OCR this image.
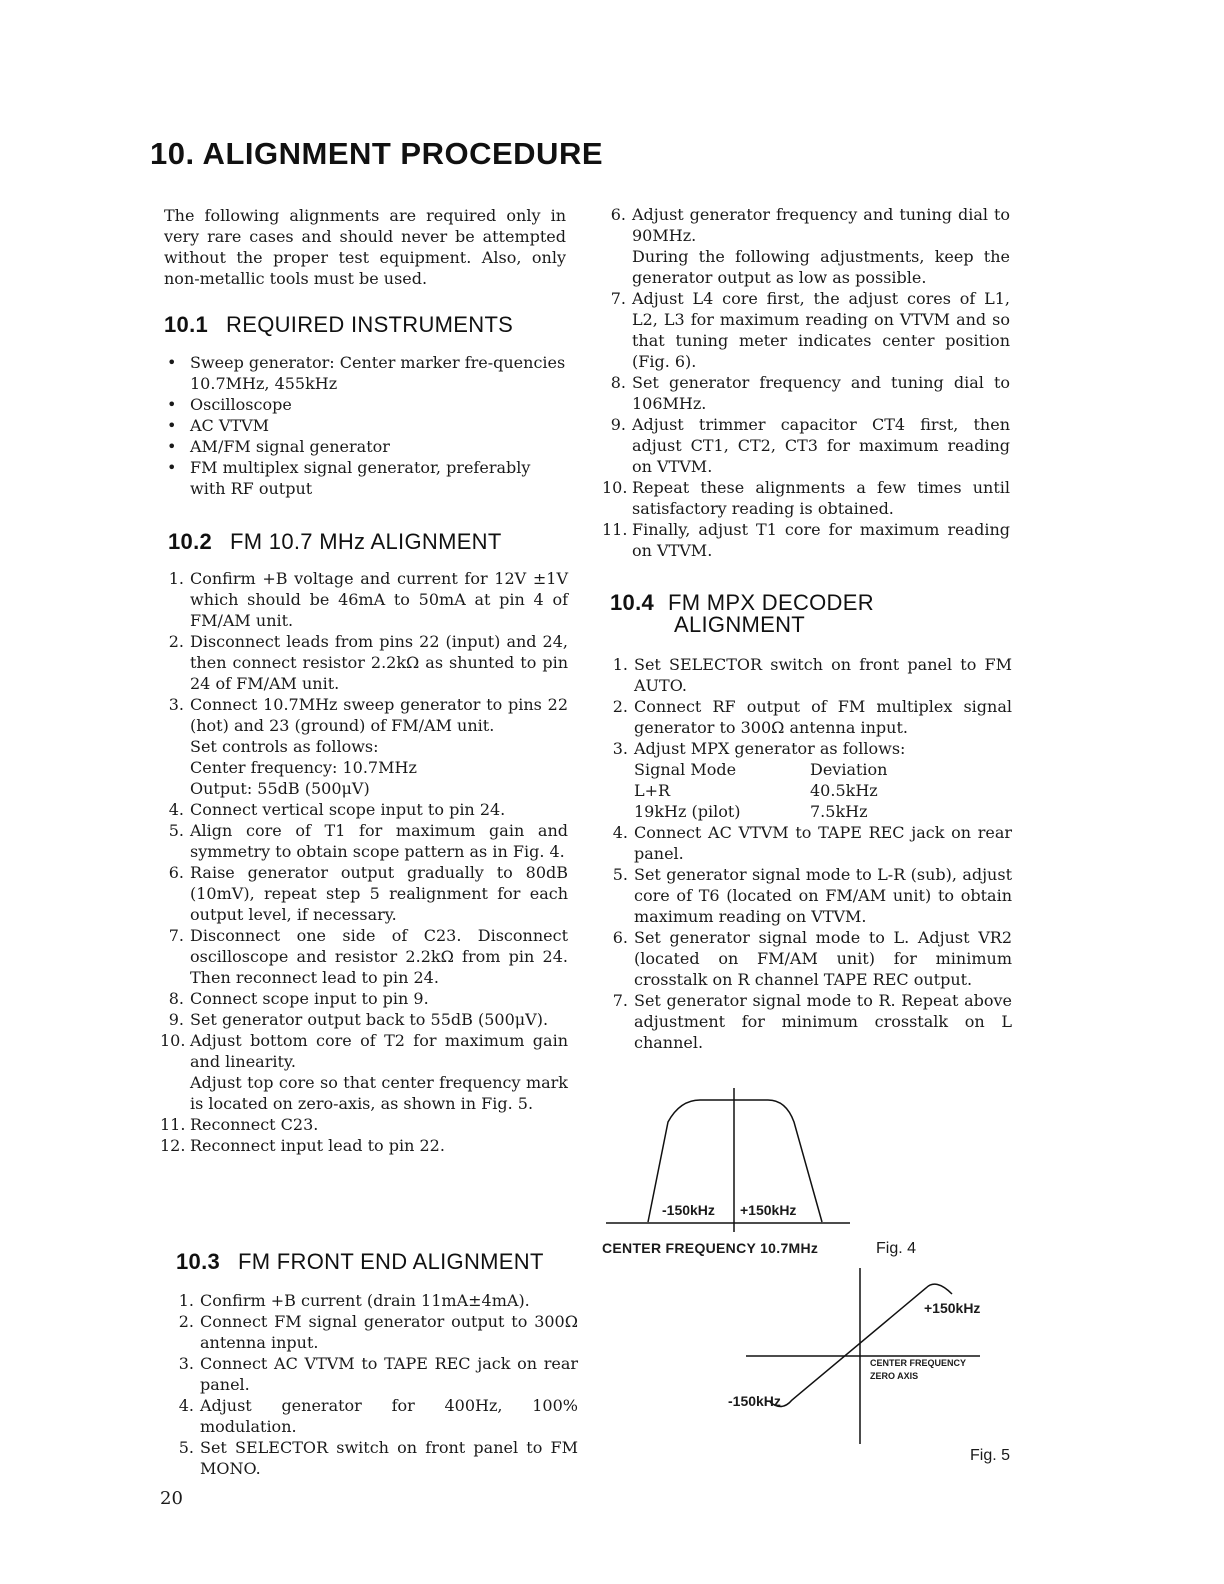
10. ALIGNMENT PROCEDURE

The following alignments are required only in very rare cases and should never be attempted without the proper test equipment. Also, only non-metallic tools must be used.

10.1 REQUIRED INSTRUMENTS
• Sweep generator: Center marker fre-quencies 10.7MHz, 455kHz
• Oscilloscope
• AC VTVM
• AM/FM signal generator
• FM multiplex signal generator, preferably with RF output
10.2 FM 10.7 MHz ALIGNMENT
1. Confirm +B voltage and current for 12V ±1V which should be 46mA to 50mA at pin 4 of FM/AM unit.
2. Disconnect leads from pins 22 (input) and 24, then connect resistor 2.2kΩ as shunted to pin 24 of FM/AM unit.
3. Connect 10.7MHz sweep generator to pins 22 (hot) and 23 (ground) of FM/AM unit.
Set controls as follows:
Center frequency: 10.7MHz
Output: 55dB (500μV)
4. Connect vertical scope input to pin 24.
5. Align core of T1 for maximum gain and symmetry to obtain scope pattern as in Fig. 4.
6. Raise generator output gradually to 80dB (10mV), repeat step 5 realignment for each output level, if necessary.
7. Disconnect one side of C23. Disconnect oscilloscope and resistor 2.2kΩ from pin 24. Then reconnect lead to pin 24.
8. Connect scope input to pin 9.
9. Set generator output back to 55dB (500μV).
10. Adjust bottom core of T2 for maximum gain and linearity.
Adjust top core so that center frequency mark is located on zero-axis, as shown in Fig. 5.
11. Reconnect C23.
12. Reconnect input lead to pin 22.
10.3 FM FRONT END ALIGNMENT
1. Confirm +B current (drain 11mA±4mA).
2. Connect FM signal generator output to 300Ω antenna input.
3. Connect AC VTVM to TAPE REC jack on rear panel.
4. Adjust generator for 400Hz, 100% modulation.
5. Set SELECTOR switch on front panel to FM MONO.
20
6. Adjust generator frequency and tuning dial to 90MHz.
During the following adjustments, keep the generator output as low as possible.
7. Adjust L4 core first, the adjust cores of L1, L2, L3 for maximum reading on VTVM and so that tuning meter indicates center position (Fig. 6).
8. Set generator frequency and tuning dial to 106MHz.
9. Adjust trimmer capacitor CT4 first, then adjust CT1, CT2, CT3 for maximum reading on VTVM.
10. Repeat these alignments a few times until satisfactory reading is obtained.
11. Finally, adjust T1 core for maximum reading on VTVM.
10.4 FM MPX DECODER
ALIGNMENT
1. Set SELECTOR switch on front panel to FM AUTO.
2. Connect RF output of FM multiplex signal generator to 300Ω antenna input.
3. Adjust MPX generator as follows:
Signal Mode	Deviation
L+R	40.5kHz
19kHz (pilot)	7.5kHz
4. Connect AC VTVM to TAPE REC jack on rear panel.
5. Set generator signal mode to L-R (sub), adjust core of T6 (located on FM/AM unit) to obtain maximum reading on VTVM.
6. Set generator signal mode to L. Adjust VR2 (located on FM/AM unit) for minimum crosstalk on R channel TAPE REC output.
7. Set generator signal mode to R. Repeat above adjustment for minimum crosstalk on L channel.
-150kHz +150kHz
CENTER FREQUENCY 10.7MHz	Fig. 4
+150kHz
-150kHz
CENTER FREQUENCY
ZERO AXIS
Fig. 5
